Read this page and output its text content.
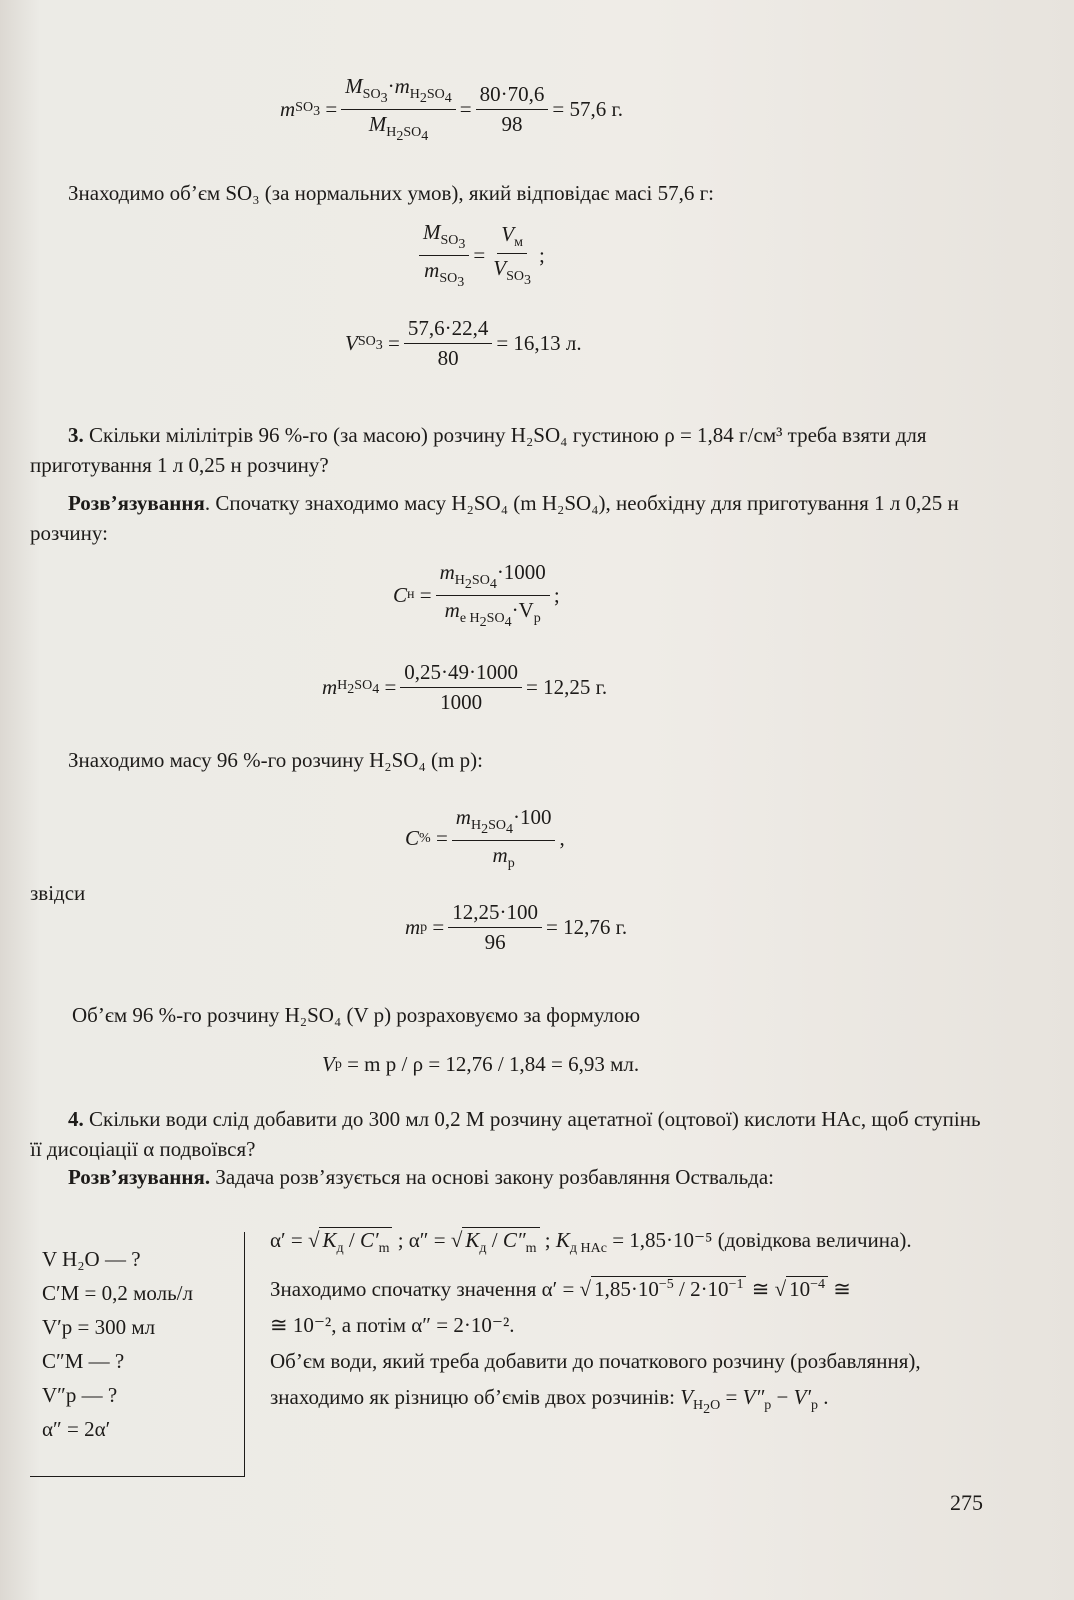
m $SO_3 = \frac{M_{SO_3}\cdot m_{H_2SO_4}}{M_{H_2SO_4}} = \frac{80\cdot 70,6}{98} = 57,6$ г.
Знаходимо об’єм SO₃ (за нормальних умов), який відповідає масі 57,6 г:
$\frac{M_{SO_3}}{m_{SO_3}} = \frac{V_м}{V_{SO_3}}$ ;
V $SO_3 = \frac{57,6\cdot 22,4}{80} = 16,13$ л.
3. Скільки мілілітрів 96 %-го (за масою) розчину H₂SO₄ густиною ρ = 1,84 г/см³ треба взяти для приготування 1 л 0,25 н розчину?
Розв’язування. Спочатку знаходимо масу H₂SO₄ (m H₂SO₄), необхідну для приготування 1 л 0,25 н розчину:
C $н = \frac{m_{H_2SO_4}\cdot 1000}{m_{е H_2SO_4}\cdot V_р}$ ;
m $H_2SO_4 = \frac{0,25\cdot 49\cdot 1000}{1000} = 12,25$ г.
Знаходимо масу 96 %-го розчину H₂SO₄ (m р):
C % = $\frac{m_{H_2SO_4}\cdot 100}{m_р}$ ,
звідси
m $р = \frac{12,25\cdot 100}{96} = 12,76$ г.
Об’єм 96 %-го розчину H₂SO₄ (V р) розраховуємо за формулою
V р
= m р / ρ = 12,76 / 1,84 = 6,93 мл.
4. Скільки води слід добавити до 300 мл 0,2 M розчину ацетатної (оцтової) кислоти HAc, щоб ступінь її дисоціації α подвоївся?
Розв’язування. Задача розв’язується на основі закону розбавляння Оствальда:
V H₂O — ?
C′M = 0,2 моль/л
V′р = 300 мл
C″M — ?
V″р — ?
α″ = 2α′
α′ = √ $K_д / C'_m$ ; α″ = √ $K_д / C''_m$ ; $K_{д HAc} = 1,85\cdot 10^{-5}$ (довідкова величина).
Знаходимо спочатку значення α′ = √ $1,85\cdot 10^{-5} / 2\cdot 10^{-1}$ ≅ √ $10^{-4}$ ≅
≅ 10⁻², а потім α″ = 2·10⁻².
Об’єм води, який треба добавити до початкового розчину (розбавляння), знаходимо як різницю об’ємів двох розчинів: $V_{H_2O} = V''_р - V'_р$ .
275
